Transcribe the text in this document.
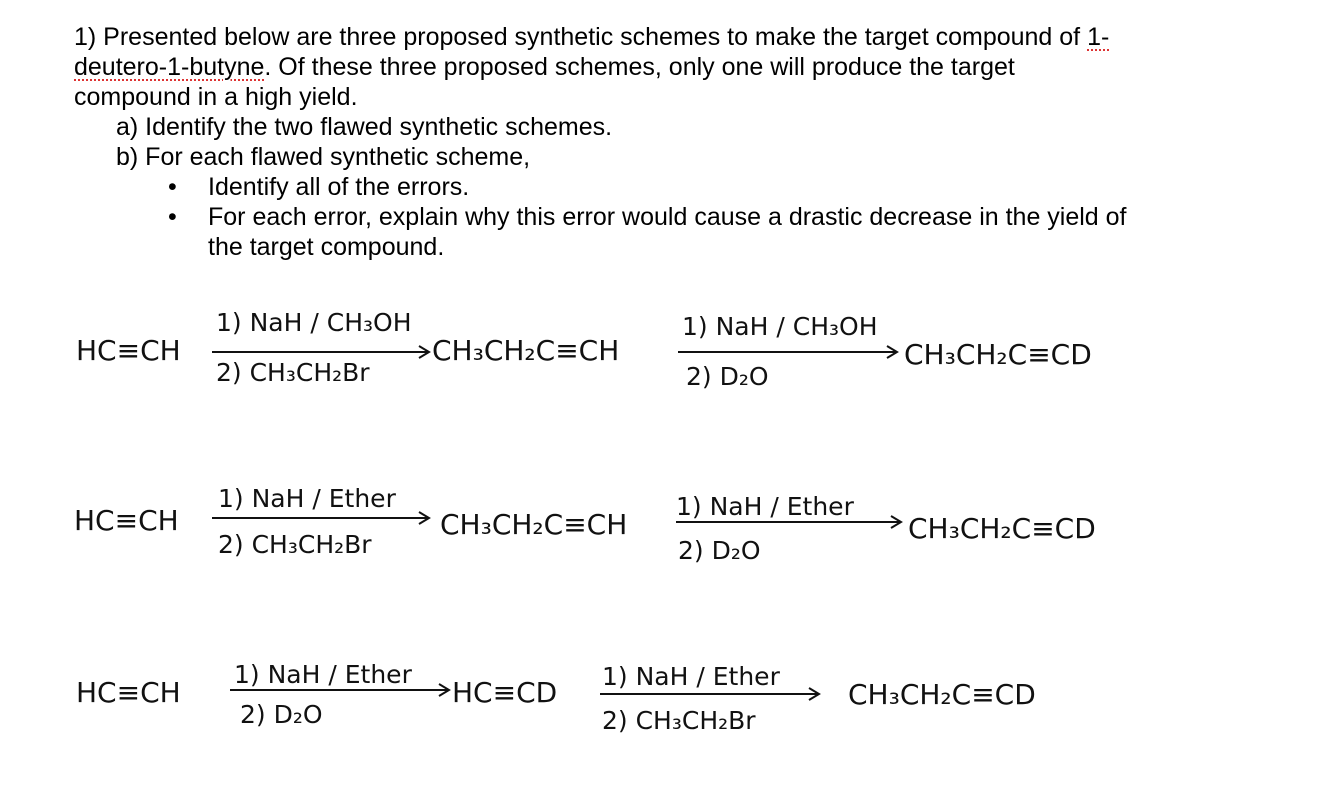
1) Presented below are three proposed synthetic schemes to make the target compound of 1-
deutero-1-butyne. Of these three proposed schemes, only one will produce the target
compound in a high yield.
a) Identify the two flawed synthetic schemes.
b) For each flawed synthetic scheme,
• Identify all of the errors.
• For each error, explain why this error would cause a drastic decrease in the yield of
the target compound.
HC≡CH
1) NaH / CH₃OH
2) CH₃CH₂Br
CH₃CH₂C≡CH
1) NaH / CH₃OH
2) D₂O
CH₃CH₂C≡CD
HC≡CH
1) NaH / Ether
2) CH₃CH₂Br
CH₃CH₂C≡CH
1) NaH / Ether
2) D₂O
CH₃CH₂C≡CD
HC≡CH
1) NaH / Ether
2) D₂O
HC≡CD 1) NaH / Ether
2) CH₃CH₂Br
CH₃CH₂C≡CD
